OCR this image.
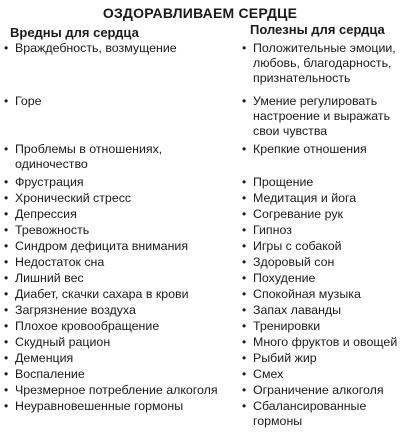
ОЗДОРАВЛИВАЕМ СЕРДЦЕ
Вредны для сердца
• Враждебность, возмущение
• Горе
• Проблемы в отношениях, одиночество
• Фрустрация
• Хронический стресс
• Депрессия
• Тревожность
• Синдром дефицита внимания
• Недостаток сна
• Лишний вес
• Диабет, скачки сахара в крови
• Загрязнение воздуха
• Плохое кровообращение
• Скудный рацион
• Деменция
• Воспаление
• Чрезмерное потребление алкоголя
• Неуравновешенные гормоны
Полезны для сердца
• Положительные эмоции, любовь, благодарность, признательность
• Умение регулировать настроение и выражать свои чувства
• Крепкие отношения
• Прощение
• Медитация и йога
• Согревание рук
• Гипноз
• Игры с собакой
• Здоровый сон
• Похудение
• Спокойная музыка
• Запах лаванды
• Тренировки
• Много фруктов и овощей
• Рыбий жир
• Смех
• Ограничение алкоголя
• Сбалансированные гормоны
